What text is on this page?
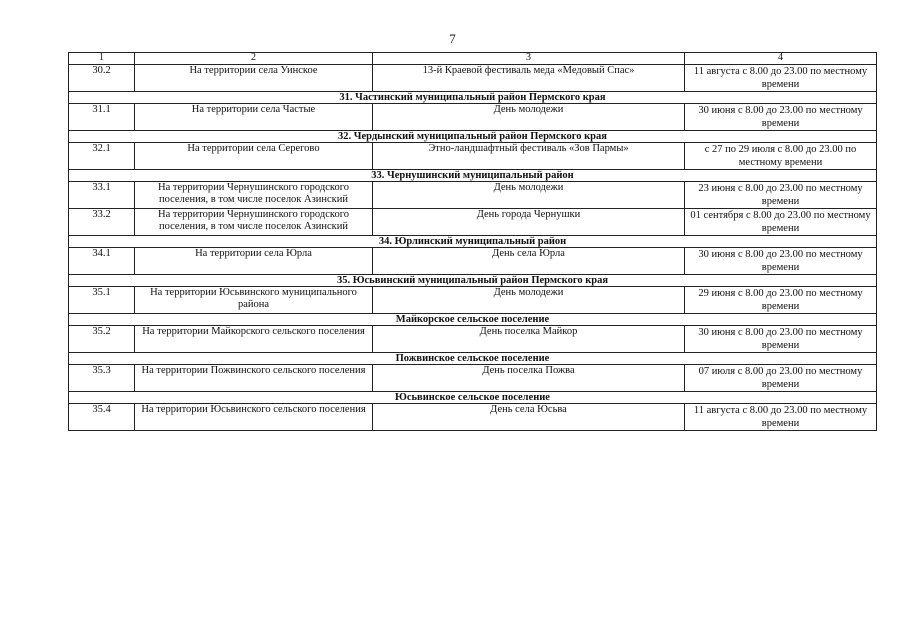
7
1	2	3	4
30.2	На территории села Уинское	13-й Краевой фестиваль меда «Медовый Спас»	11 августа с 8.00 до 23.00 по местному времени
31. Частинский муниципальный район Пермского края			
31.1	На территории села Частые	День молодежи	30 июня с 8.00 до 23.00 по местному времени
32. Чердынский муниципальный район Пермского края			
32.1	На территории села Серегово	Этно-ландшафтный фестиваль «Зов Пармы»	с 27 по 29 июля с 8.00 до 23.00 по местному времени
33. Чернушинский муниципальный район			
33.1	На территории Чернушинского городского поселения, в том числе поселок Азинский	День молодежи	23 июня с 8.00 до 23.00 по местному времени
33.2	На территории Чернушинского городского поселения, в том числе поселок Азинский	День города Чернушки	01 сентября с 8.00 до 23.00 по местному времени
34. Юрлинский муниципальный район			
34.1	На территории села Юрла	День села Юрла	30 июня с 8.00 до 23.00 по местному времени
35. Юсьвинский муниципальный район Пермского края			
35.1	На территории Юсьвинского муниципального района	День молодежи	29 июня с 8.00 до 23.00 по местному времени
Майкорское сельское поселение			
35.2	На территории Майкорского сельского поселения	День поселка Майкор	30 июня с 8.00 до 23.00 по местному времени
Пожвинское сельское поселение			
35.3	На территории Пожвинского сельского поселения	День поселка Пожва	07 июля с 8.00 до 23.00 по местному времени
Юсьвинское сельское поселение			
35.4	На территории Юсьвинского сельского поселения	День села Юсьва	11 августа с 8.00 до 23.00 по местному времени
